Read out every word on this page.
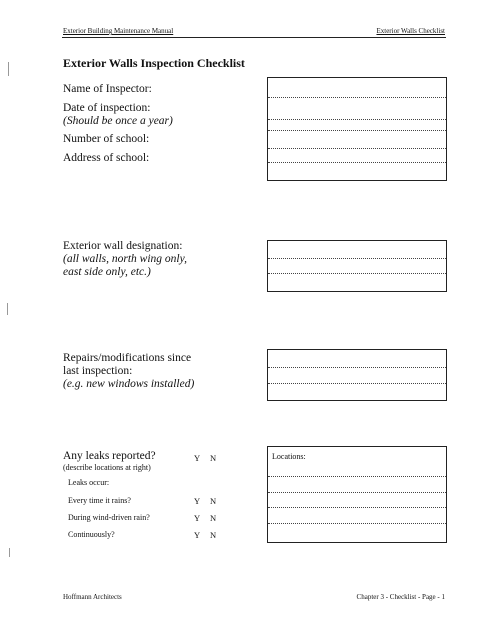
Exterior Building Maintenance Manual	Exterior Walls Checklist
Exterior Walls Inspection Checklist
Name of Inspector:
Date of inspection:
(Should be once a year)
Number of school:
Address of school:
Exterior wall designation:
(all walls, north wing only,
east side only, etc.)
Repairs/modifications since
last inspection:
(e.g. new windows installed)
Any leaks reported?	Y N
(describe locations at right)
Leaks occur:
Every time it rains?	Y N
During wind-driven rain?	Y N
Continuously?	Y N
Locations:
Hoffmann Architects	Chapter 3 - Checklist - Page - 1
